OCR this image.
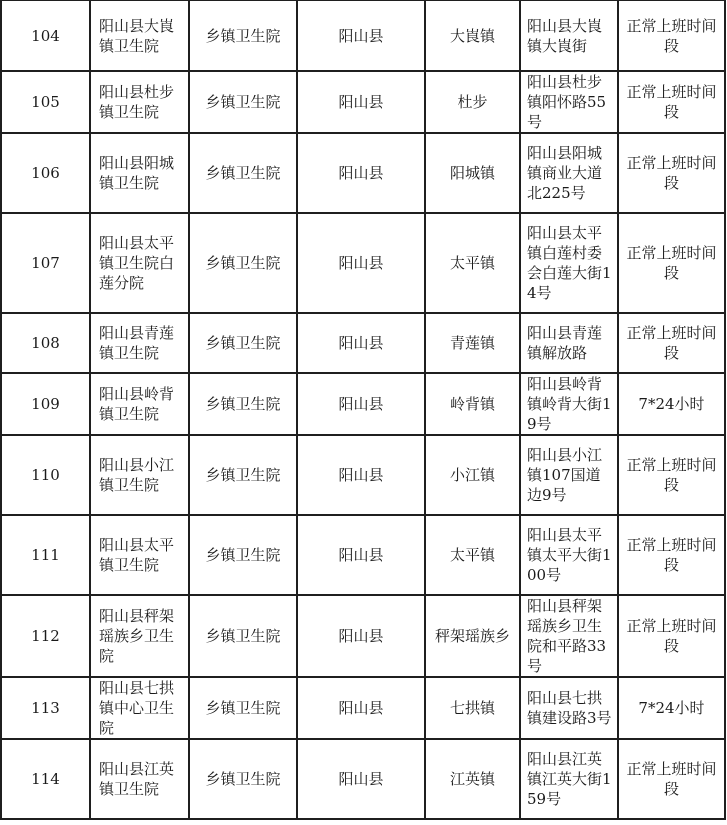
104	阳山县大崀镇卫生院	乡镇卫生院	阳山县	大崀镇	阳山县大崀镇大崀街	正常上班时间段
105	阳山县杜步镇卫生院	乡镇卫生院	阳山县	杜步	阳山县杜步镇阳怀路55号	正常上班时间段
106	阳山县阳城镇卫生院	乡镇卫生院	阳山县	阳城镇	阳山县阳城镇商业大道北225号	正常上班时间段
107	阳山县太平镇卫生院白莲分院	乡镇卫生院	阳山县	太平镇	阳山县太平镇白莲村委会白莲大街14号	正常上班时间段
108	阳山县青莲镇卫生院	乡镇卫生院	阳山县	青莲镇	阳山县青莲镇解放路	正常上班时间段
109	阳山县岭背镇卫生院	乡镇卫生院	阳山县	岭背镇	阳山县岭背镇岭背大街19号	7*24小时
110	阳山县小江镇卫生院	乡镇卫生院	阳山县	小江镇	阳山县小江镇107国道边9号	正常上班时间段
111	阳山县太平镇卫生院	乡镇卫生院	阳山县	太平镇	阳山县太平镇太平大街100号	正常上班时间段
112	阳山县秤架瑶族乡卫生院	乡镇卫生院	阳山县	秤架瑶族乡	阳山县秤架瑶族乡卫生院和平路33号	正常上班时间段
113	阳山县七拱镇中心卫生院	乡镇卫生院	阳山县	七拱镇	阳山县七拱镇建设路3号	7*24小时
114	阳山县江英镇卫生院	乡镇卫生院	阳山县	江英镇	阳山县江英镇江英大街159号	正常上班时间段
